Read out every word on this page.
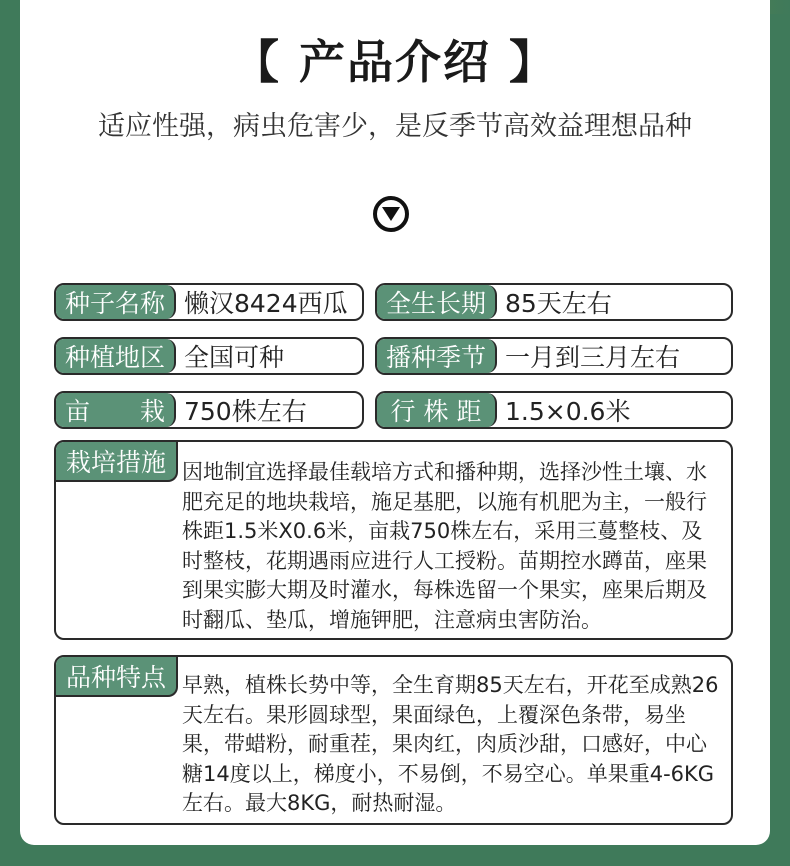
【 产品介绍 】
适应性强，病虫危害少，是反季节高效益理想品种
种子名称 懒汉8424西瓜	全生长期 85天左右
种植地区 全国可种	播种季节 一月到三月左右
亩　　栽 750株左右	行 株 距 1.5×0.6米
栽培措施 因地制宜选择最佳载培方式和播种期，选择沙性土壤、水肥充足的地块栽培，施足基肥，以施有机肥为主，一般行株距1.5米X0.6米，亩栽750株左右，采用三蔓整枝、及时整枝，花期遇雨应进行人工授粉。苗期控水蹲苗，座果到果实膨大期及时灌水，每株选留一个果实，座果后期及时翻瓜、垫瓜，增施钾肥，注意病虫害防治。
品种特点 早熟，植株长势中等，全生育期85天左右，开花至成熟26天左右。果形圆球型，果面绿色，上覆深色条带，易坐果，带蜡粉，耐重茬，果肉红，肉质沙甜，口感好，中心糖14度以上，梯度小，不易倒，不易空心。单果重4-6KG左右。最大8KG，耐热耐湿。
